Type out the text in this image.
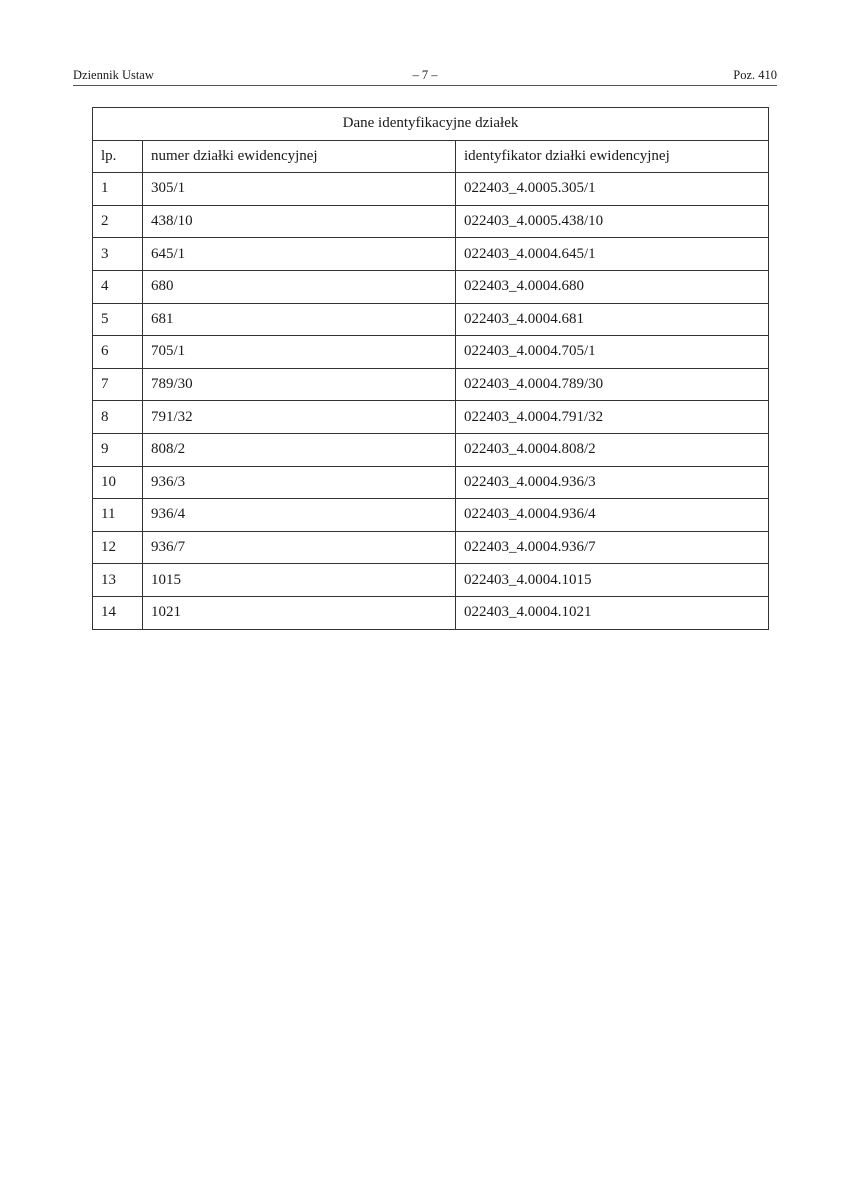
Dziennik Ustaw	– 7 –	Poz. 410
Dane identyfikacyjne działek		
lp.	numer działki ewidencyjnej	identyfikator działki ewidencyjnej
1	305/1	022403_4.0005.305/1
2	438/10	022403_4.0005.438/10
3	645/1	022403_4.0004.645/1
4	680	022403_4.0004.680
5	681	022403_4.0004.681
6	705/1	022403_4.0004.705/1
7	789/30	022403_4.0004.789/30
8	791/32	022403_4.0004.791/32
9	808/2	022403_4.0004.808/2
10	936/3	022403_4.0004.936/3
11	936/4	022403_4.0004.936/4
12	936/7	022403_4.0004.936/7
13	1015	022403_4.0004.1015
14	1021	022403_4.0004.1021
